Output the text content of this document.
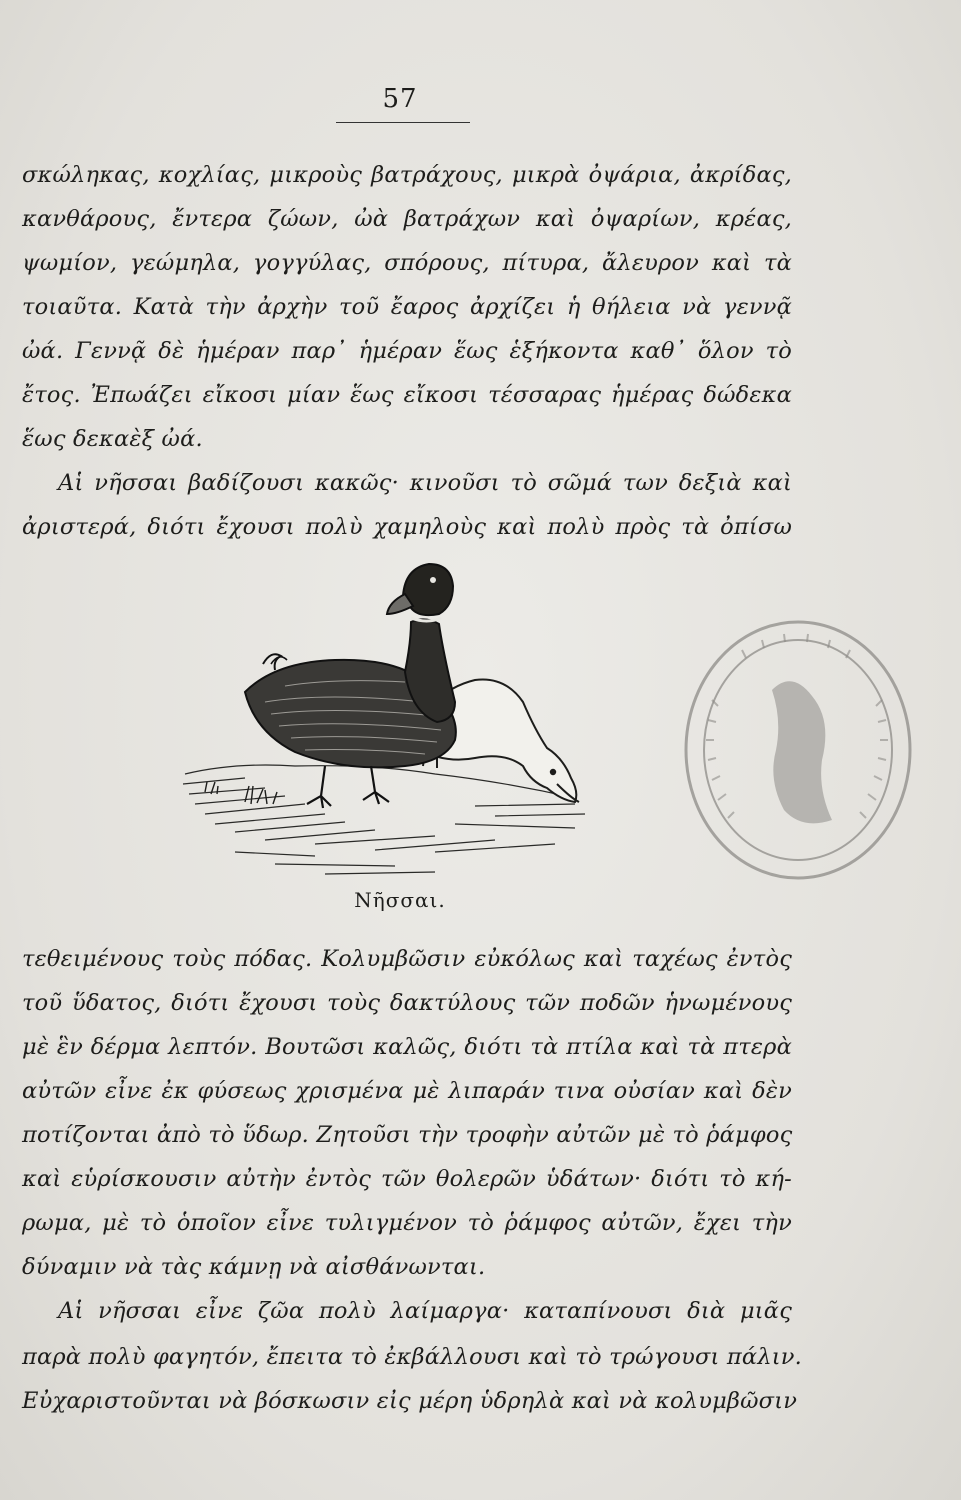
57
σκώληκας, κοχλίας, μικροὺς βατράχους, μικρὰ ὀψάρια, ἀκρίδας,
κανθάρους, ἔντερα ζώων, ὠὰ βατράχων καὶ ὀψαρίων, κρέας,
ψωμίον, γεώμηλα, γογγύλας, σπόρους, πίτυρα, ἄλευρον καὶ τὰ
τοιαῦτα. Κατὰ τὴν ἀρχὴν τοῦ ἔαρος ἀρχίζει ἡ θήλεια νὰ γεννᾷ
ὠά. Γεννᾷ δὲ ἡμέραν παρ᾽ ἡμέραν ἕως ἑξήκοντα καθ᾽ ὅλον τὸ
ἔτος. Ἐπωάζει εἴκοσι μίαν ἕως εἴκοσι τέσσαρας ἡμέρας δώδεκα
ἕως δεκαὲξ ὠά.
Αἱ νῆσσαι βαδίζουσι κακῶς· κινοῦσι τὸ σῶμά των δεξιὰ καὶ
ἀριστερά, διότι ἔχουσι πολὺ χαμηλοὺς καὶ πολὺ πρὸς τὰ ὀπίσω
Νῆσσαι.
τεθειμένους τοὺς πόδας. Κολυμβῶσιν εὐκόλως καὶ ταχέως ἐντὸς
τοῦ ὕδατος, διότι ἔχουσι τοὺς δακτύλους τῶν ποδῶν ἡνωμένους
μὲ ἓν δέρμα λεπτόν. Βουτῶσι καλῶς, διότι τὰ πτίλα καὶ τὰ πτερὰ
αὐτῶν εἶνε ἐκ φύσεως χρισμένα μὲ λιπαράν τινα οὐσίαν καὶ δὲν
ποτίζονται ἀπὸ τὸ ὕδωρ. Ζητοῦσι τὴν τροφὴν αὐτῶν μὲ τὸ ῥάμφος
καὶ εὑρίσκουσιν αὐτὴν ἐντὸς τῶν θολερῶν ὑδάτων· διότι τὸ κή-
ρωμα, μὲ τὸ ὁποῖον εἶνε τυλιγμένον τὸ ῥάμφος αὐτῶν, ἔχει τὴν
δύναμιν νὰ τὰς κάμνῃ νὰ αἰσθάνωνται.
Αἱ νῆσσαι εἶνε ζῶα πολὺ λαίμαργα· καταπίνουσι διὰ μιᾶς
παρὰ πολὺ φαγητόν, ἔπειτα τὸ ἐκβάλλουσι καὶ τὸ τρώγουσι πάλιν.
Εὐχαριστοῦνται νὰ βόσκωσιν εἰς μέρη ὑδρηλὰ καὶ νὰ κολυμβῶσιν
